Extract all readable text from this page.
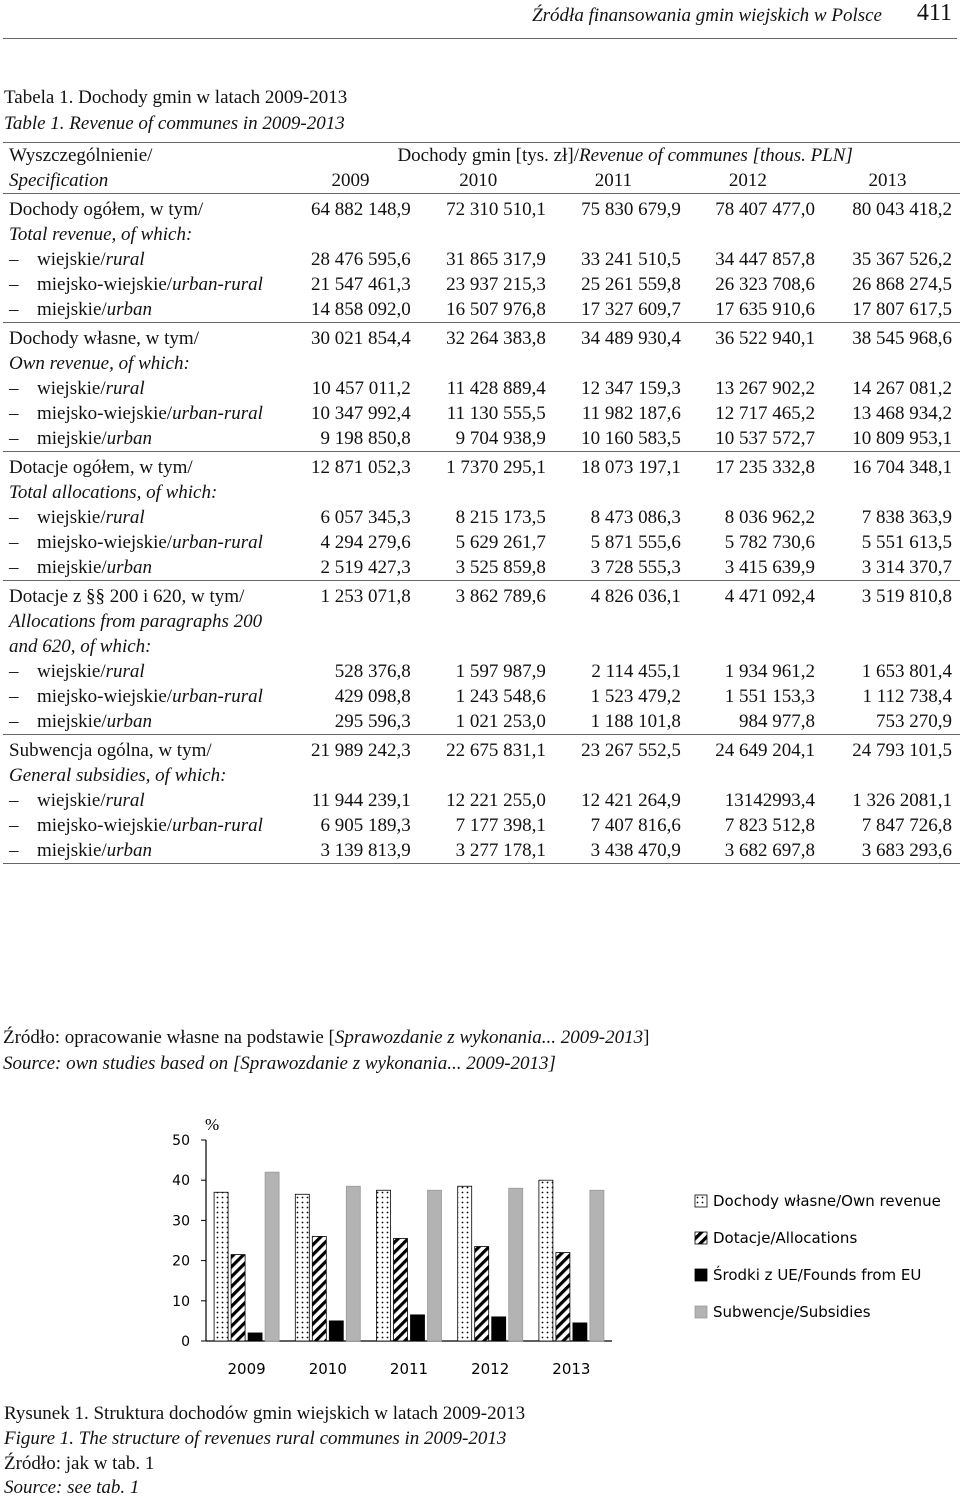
Źródła finansowania gmin wiejskich w Polsce 411
Tabela 1. Dochody gmin w latach 2009-2013
Table 1. Revenue of communes in 2009-2013
Wyszczególnienie/	Dochody gmin [tys. zł]/Revenue of communes [thous. PLN]				
Specification	2009	2010	2011	2012	2013
Dochody ogółem, w tym/
Total revenue, of which:	64 882 148,9	72 310 510,1	75 830 679,9	78 407 477,0	80 043 418,2
– wiejskie/rural	28 476 595,6	31 865 317,9	33 241 510,5	34 447 857,8	35 367 526,2
– miejsko-wiejskie/urban-rural	21 547 461,3	23 937 215,3	25 261 559,8	26 323 708,6	26 868 274,5
– miejskie/urban	14 858 092,0	16 507 976,8	17 327 609,7	17 635 910,6	17 807 617,5
Dochody własne, w tym/
Own revenue, of which:	30 021 854,4	32 264 383,8	34 489 930,4	36 522 940,1	38 545 968,6
– wiejskie/rural	10 457 011,2	11 428 889,4	12 347 159,3	13 267 902,2	14 267 081,2
– miejsko-wiejskie/urban-rural	10 347 992,4	11 130 555,5	11 982 187,6	12 717 465,2	13 468 934,2
– miejskie/urban	9 198 850,8	9 704 938,9	10 160 583,5	10 537 572,7	10 809 953,1
Dotacje ogółem, w tym/
Total allocations, of which:	12 871 052,3	1 7370 295,1	18 073 197,1	17 235 332,8	16 704 348,1
– wiejskie/rural	6 057 345,3	8 215 173,5	8 473 086,3	8 036 962,2	7 838 363,9
– miejsko-wiejskie/urban-rural	4 294 279,6	5 629 261,7	5 871 555,6	5 782 730,6	5 551 613,5
– miejskie/urban	2 519 427,3	3 525 859,8	3 728 555,3	3 415 639,9	3 314 370,7
Dotacje z §§ 200 i 620, w tym/
Allocations from paragraphs 200 and 620, of which:	1 253 071,8	3 862 789,6	4 826 036,1	4 471 092,4	3 519 810,8
– wiejskie/rural	528 376,8	1 597 987,9	2 114 455,1	1 934 961,2	1 653 801,4
– miejsko-wiejskie/urban-rural	429 098,8	1 243 548,6	1 523 479,2	1 551 153,3	1 112 738,4
– miejskie/urban	295 596,3	1 021 253,0	1 188 101,8	984 977,8	753 270,9
Subwencja ogólna, w tym/
General subsidies, of which:	21 989 242,3	22 675 831,1	23 267 552,5	24 649 204,1	24 793 101,5
– wiejskie/rural	11 944 239,1	12 221 255,0	12 421 264,9	13142993,4	1 326 2081,1
– miejsko-wiejskie/urban-rural	6 905 189,3	7 177 398,1	7 407 816,6	7 823 512,8	7 847 726,8
– miejskie/urban	3 139 813,9	3 277 178,1	3 438 470,9	3 682 697,8	3 683 293,6
Źródło: opracowanie własne na podstawie [Sprawozdanie z wykonania... 2009-2013]
Source: own studies based on [Sprawozdanie z wykonania... 2009-2013]
0
10
20
30
40
50
%
2009	2010	2011	2012	2013
Dochody własne/Own revenue
Dotacje/Allocations
Środki z UE/Founds from EU
Subwencje/Subsidies
Rysunek 1. Struktura dochodów gmin wiejskich w latach 2009-2013
Figure 1. The structure of revenues rural communes in 2009-2013
Źródło: jak w tab. 1
Source: see tab. 1
